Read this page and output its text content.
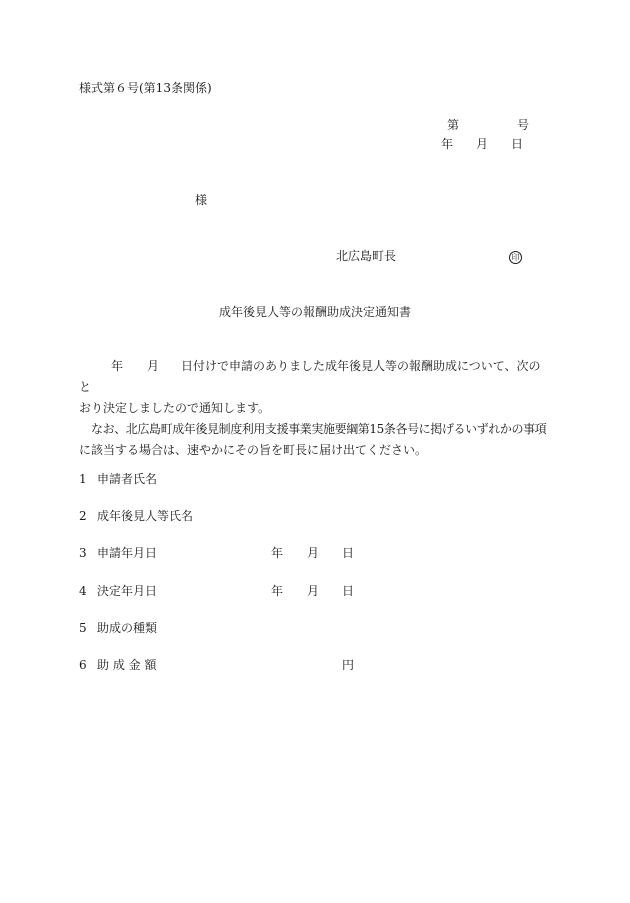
様式第６号(第13条関係)
第	号
年 月 日
様
北広島町長	印
成年後見人等の報酬助成決定通知書

年 月 日付けで申請のありました成年後見人等の報酬助成について、次のと

おり決定しましたので通知します。

なお、北広島町成年後見制度利用支援事業実施要綱第15条各号に掲げるいずれかの事項

に該当する場合は、速やかにその旨を町長に届け出てください。

1 申請者氏名
2 成年後見人等氏名
3 申請年月日	年 月 日
4 決定年月日	年 月 日
5 助成の種類
6 助 成 金 額	円
